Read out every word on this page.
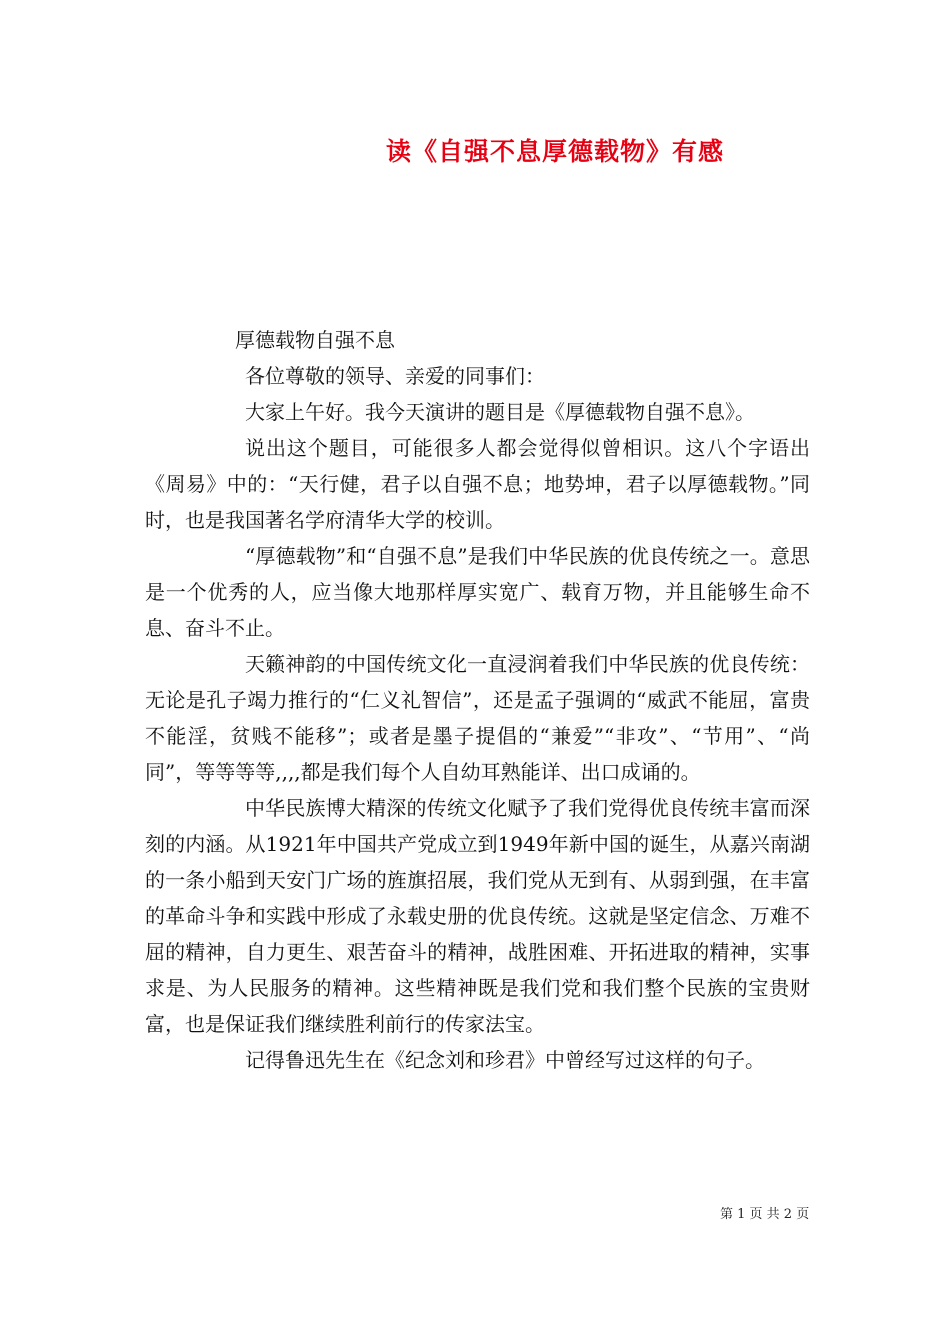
读《自强不息厚德载物》有感

厚德载物自强不息

各位尊敬的领导、亲爱的同事们：

大家上午好。我今天演讲的题目是《厚德载物自强不息》。

说出这个题目，可能很多人都会觉得似曾相识。这八个字语出《周易》中的：“天行健，君子以自强不息；地势坤，君子以厚德载物。”同时，也是我国著名学府清华大学的校训。

“厚德载物”和“自强不息”是我们中华民族的优良传统之一。意思是一个优秀的人，应当像大地那样厚实宽广、载育万物，并且能够生命不息、奋斗不止。

天籁神韵的中国传统文化一直浸润着我们中华民族的优良传统：无论是孔子竭力推行的“仁义礼智信”，还是孟子强调的“威武不能屈，富贵不能淫，贫贱不能移”；或者是墨子提倡的“兼爱”“非攻”、“节用”、“尚同”，等等等等,,,,都是我们每个人自幼耳熟能详、出口成诵的。

中华民族博大精深的传统文化赋予了我们党得优良传统丰富而深刻的内涵。从1921年中国共产党成立到1949年新中国的诞生，从嘉兴南湖的一条小船到天安门广场的旌旗招展，我们党从无到有、从弱到强，在丰富的革命斗争和实践中形成了永载史册的优良传统。这就是坚定信念、万难不屈的精神，自力更生、艰苦奋斗的精神，战胜困难、开拓进取的精神，实事求是、为人民服务的精神。这些精神既是我们党和我们整个民族的宝贵财富，也是保证我们继续胜利前行的传家法宝。

记得鲁迅先生在《纪念刘和珍君》中曾经写过这样的句子。

第 1 页 共 2 页
